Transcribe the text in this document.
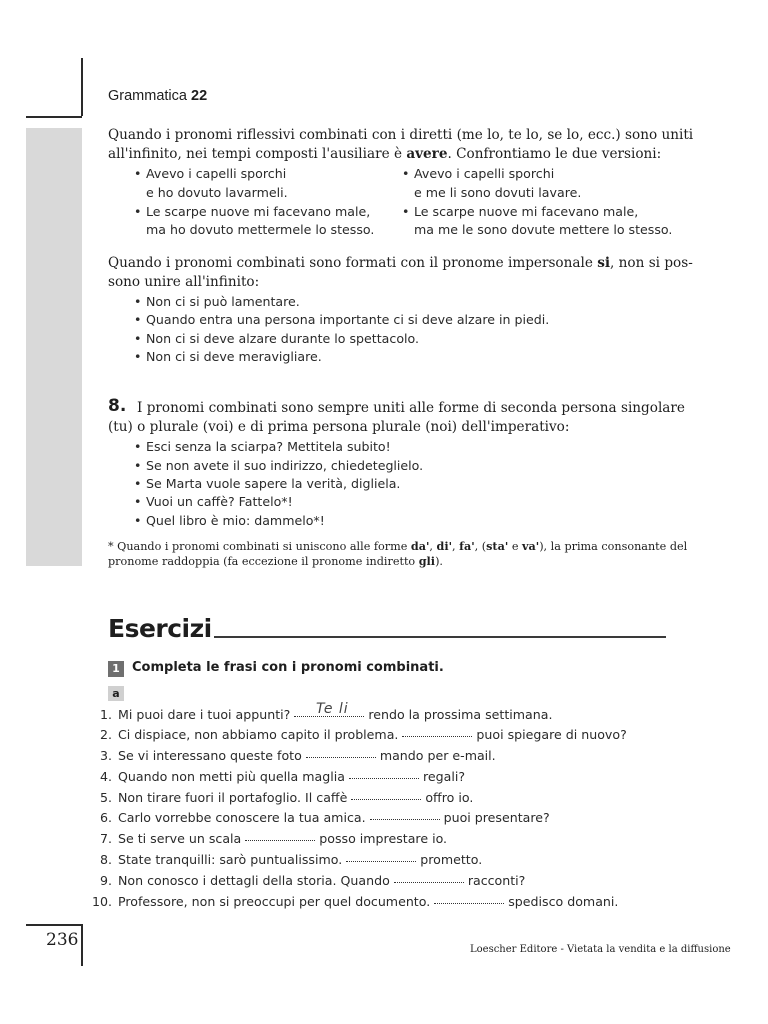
Grammatica 22
Quando i pronomi riflessivi combinati con i diretti (me lo, te lo, se lo, ecc.) sono uniti
all'infinito, nei tempi composti l'ausiliare è avere. Confrontiamo le due versioni:
• Avevo i capelli sporchi
e ho dovuto lavarmeli.
• Le scarpe nuove mi facevano male,
ma ho dovuto mettermele lo stesso.
• Avevo i capelli sporchi
e me li sono dovuti lavare.
• Le scarpe nuove mi facevano male,
ma me le sono dovute mettere lo stesso.
Quando i pronomi combinati sono formati con il pronome impersonale si, non si pos-
sono unire all'infinito:
• Non ci si può lamentare.
• Quando entra una persona importante ci si deve alzare in piedi.
• Non ci si deve alzare durante lo spettacolo.
• Non ci si deve meravigliare.
8. I pronomi combinati sono sempre uniti alle forme di seconda persona singolare
(tu) o plurale (voi) e di prima persona plurale (noi) dell'imperativo:
• Esci senza la sciarpa? Mettitela subito!
• Se non avete il suo indirizzo, chiedeteglielo.
• Se Marta vuole sapere la verità, digliela.
• Vuoi un caffè? Fattelo*!
• Quel libro è mio: dammelo*!
* Quando i pronomi combinati si uniscono alle forme da', di', fa', (sta' e va'), la prima consonante del
pronome raddoppia (fa eccezione il pronome indiretto gli).
Esercizi
1 Completa le frasi con i pronomi combinati.
a
Te li
1. Mi puoi dare i tuoi appunti?	rendo la prossima settimana.
2. Ci dispiace, non abbiamo capito il problema.	puoi spiegare di nuovo?
3. Se vi interessano queste foto	mando per e-mail.
4. Quando non metti più quella maglia	regali?
5. Non tirare fuori il portafoglio. Il caffè	offro io.
6. Carlo vorrebbe conoscere la tua amica.	puoi presentare?
7. Se ti serve un scala	posso imprestare io.
8. State tranquilli: sarò puntualissimo.	prometto.
9. Non conosco i dettagli della storia. Quando	racconti?
10. Professore, non si preoccupi per quel documento.	spedisco domani.
236	Loescher Editore - Vietata la vendita e la diffusione
